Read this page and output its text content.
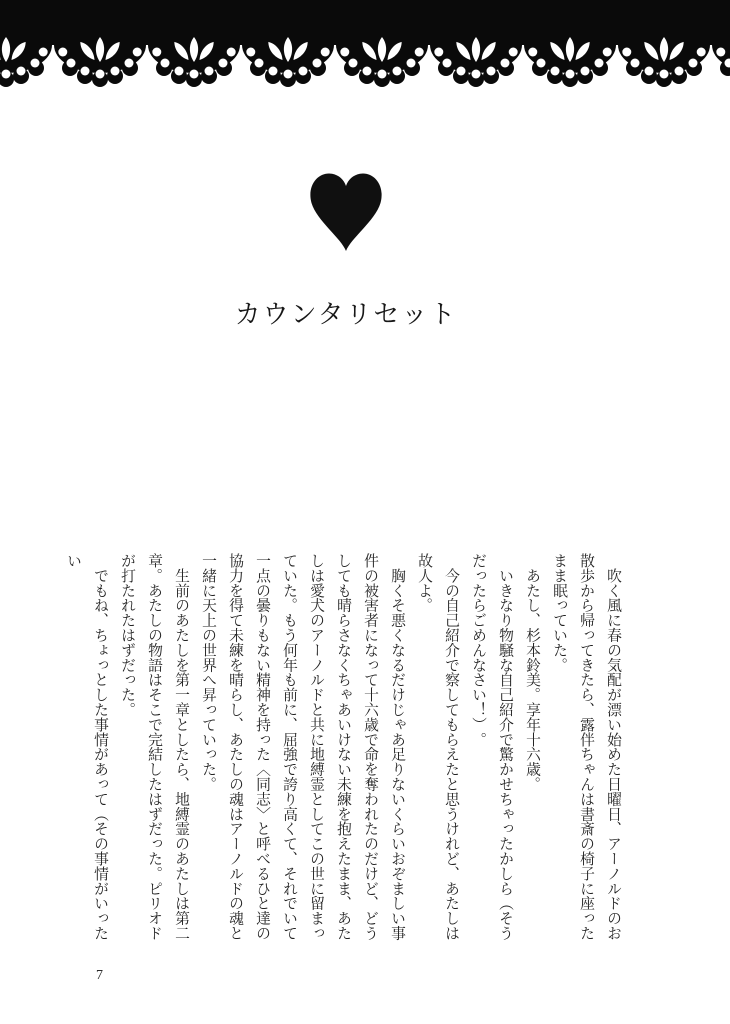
カウンタリセット

　吹く風に春の気配が漂い始めた日曜日、アーノルドのお散歩から帰ってきたら、露伴ちゃんは書斎の椅子に座ったまま眠っていた。

　あたし、杉本鈴美。享年十六歳。

　いきなり物騒な自己紹介で驚かせちゃったかしら（そうだったらごめんなさい！）。

　今の自己紹介で察してもらえたと思うけれど、あたしは故人よ。

　胸くそ悪くなるだけじゃあ足りないくらいおぞましい事件の被害者になって十六歳で命を奪われたのだけど、どうしても晴らさなくちゃあいけない未練を抱えたまま、あたしは愛犬のアーノルドと共に地縛霊としてこの世に留まっていた。もう何年も前に、屈強で誇り高くて、それでいて一点の曇りもない精神を持った〈同志〉と呼べるひと達の協力を得て未練を晴らし、あたしの魂はアーノルドの魂と一緒に天上の世界へ昇っていった。

　生前のあたしを第一章としたら、地縛霊のあたしは第二章。あたしの物語はそこで完結したはずだった。ピリオドが打たれたはずだった。

　でもね、ちょっとした事情があって（その事情がいったい

7
